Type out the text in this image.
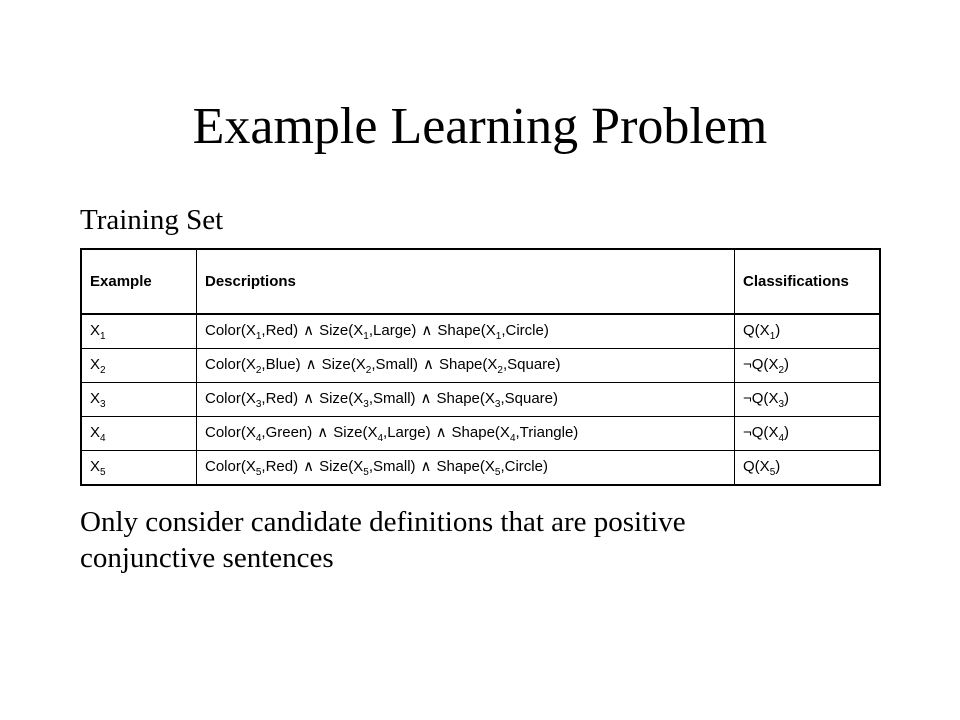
Example Learning Problem
Training Set
Example	Descriptions	Classifications
$X_1$	$Color(X_1,Red)$ ∧ $Size(X_1,Large)$ ∧ $Shape(X_1,Circle)$	$Q(X_1)$
$X_2$	$Color(X_2,Blue)$ ∧ $Size(X_2,Small)$ ∧ $Shape(X_2,Square)$	$\neg Q(X_2)$
$X_3$	$Color(X_3,Red)$ ∧ $Size(X_3,Small)$ ∧ $Shape(X_3,Square)$	$\neg Q(X_3)$
$X_4$	$Color(X_4,Green)$ ∧ $Size(X_4,Large)$ ∧ $Shape(X_4,Triangle)$	$\neg Q(X_4)$
$X_5$	$Color(X_5,Red)$ ∧ $Size(X_5,Small)$ ∧ $Shape(X_5,Circle)$	$Q(X_5)$
Only consider candidate definitions that are positive conjunctive sentences
